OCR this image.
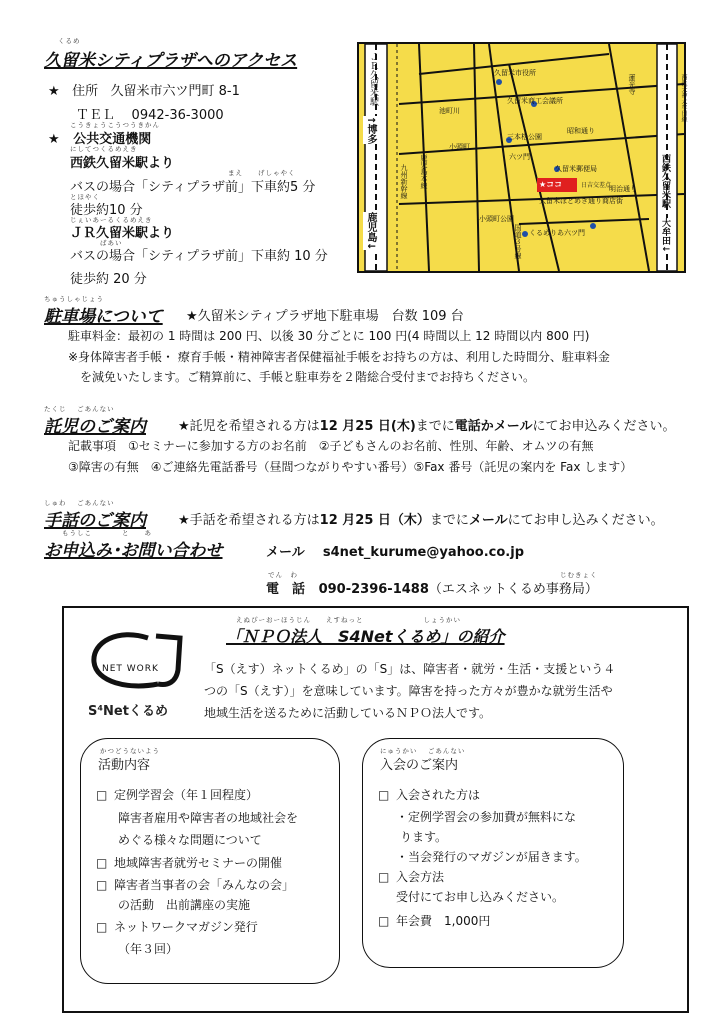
くるめ
久留米シティプラザへのアクセス
★ 住所 久留米市六ツ門町 8-1
ＴＥＬ 0942-36-3000
こうきょうこうつうきかん
★ 公共交通機関
にしてつくるめえき
西鉄久留米駅より
まえ　　げしゃやく
バスの場合「シティプラザ前」下車約5 分
とほやく
徒歩約10 分
じぇいあーるくるめえき
ＪＲ久留米駅より
ばあい
バスの場合「シティプラザ前」下車約 10 分
徒歩約 20 分
ＪＲ久留米駅
↑博多
鹿児島↓
西鉄久留米駅
大牟田↓
久留米市役所
久留米商工会議所
池町川
昭和通り
三本松公園
小頭町
六ツ門
久留米郵便局
明治通り
★ココ	日吉交差点
久留米ほとめき通り商店街
小頭町公園
くるめりあ六ツ門
九州新幹線 鹿児島本線
国道３号線
西鉄天神大牟田線
蓮光寺
ちゅうしゃじょう
駐車場について ★久留米シティプラザ地下駐車場　台数 109 台
駐車料金：最初の 1 時間は 200 円、以後 30 分ごとに 100 円(4 時間以上 12 時間以内 800 円)
※身体障害者手帳・ 療育手帳・精神障害者保健福祉手帳をお持ちの方は、利用した時間分、駐車料金
を減免いたします。ご精算前に、手帳と駐車券を２階総合受付までお持ちください。
たくじ　 ごあんない
託児のご案内 ★託児を希望される方は12 月25 日(木)までに電話かメールにてお申込みください。
記載事項　①セミナーに参加する方のお名前　②子どもさんのお名前、性別、年齢、オムツの有無
③障害の有無　④ご連絡先電話番号（昼間つながりやすい番号）⑤Fax 番号（託児の案内を Fax します）
しゅわ　 ごあんない
手話のご案内 ★手話を希望される方は12 月25 日（木）までにメールにてお申し込みください。
もうしこ　　　　と　　あ
お申込み･お問い合わせ	メール s4net_kurume@yahoo.co.jp
でん　わ	じむきょく
電　話 090-2396-1488（エスネットくるめ事務局）
えぬぴーおーほうじん　　えすねっと　　　　　　　　しょうかい
「ＮＰＯ法人　S4Netくるめ」の紹介
NET WORK
S⁴Netくるめ
「S（えす）ネットくるめ」の「S」は、障害者・就労・生活・支援という４
つの「S（えす）」を意味しています。障害を持った方々が豊かな就労生活や
地域生活を送るために活動しているＮＰＯ法人です。
かつどうないよう
活動内容
□ 定例学習会（年１回程度）
障害者雇用や障害者の地域社会を
めぐる様々な問題について
□ 地域障害者就労セミナーの開催
□ 障害者当事者の会「みんなの会」
の活動　出前講座の実施
□ ネットワークマガジン発行
（年３回）
にゅうかい　 ごあんない
入会のご案内
□ 入会された方は
・定例学習会の参加費が無料にな
ります。
・当会発行のマガジンが届きます。
□ 入会方法
受付にてお申し込みください。
□ 年会費　1,000円
